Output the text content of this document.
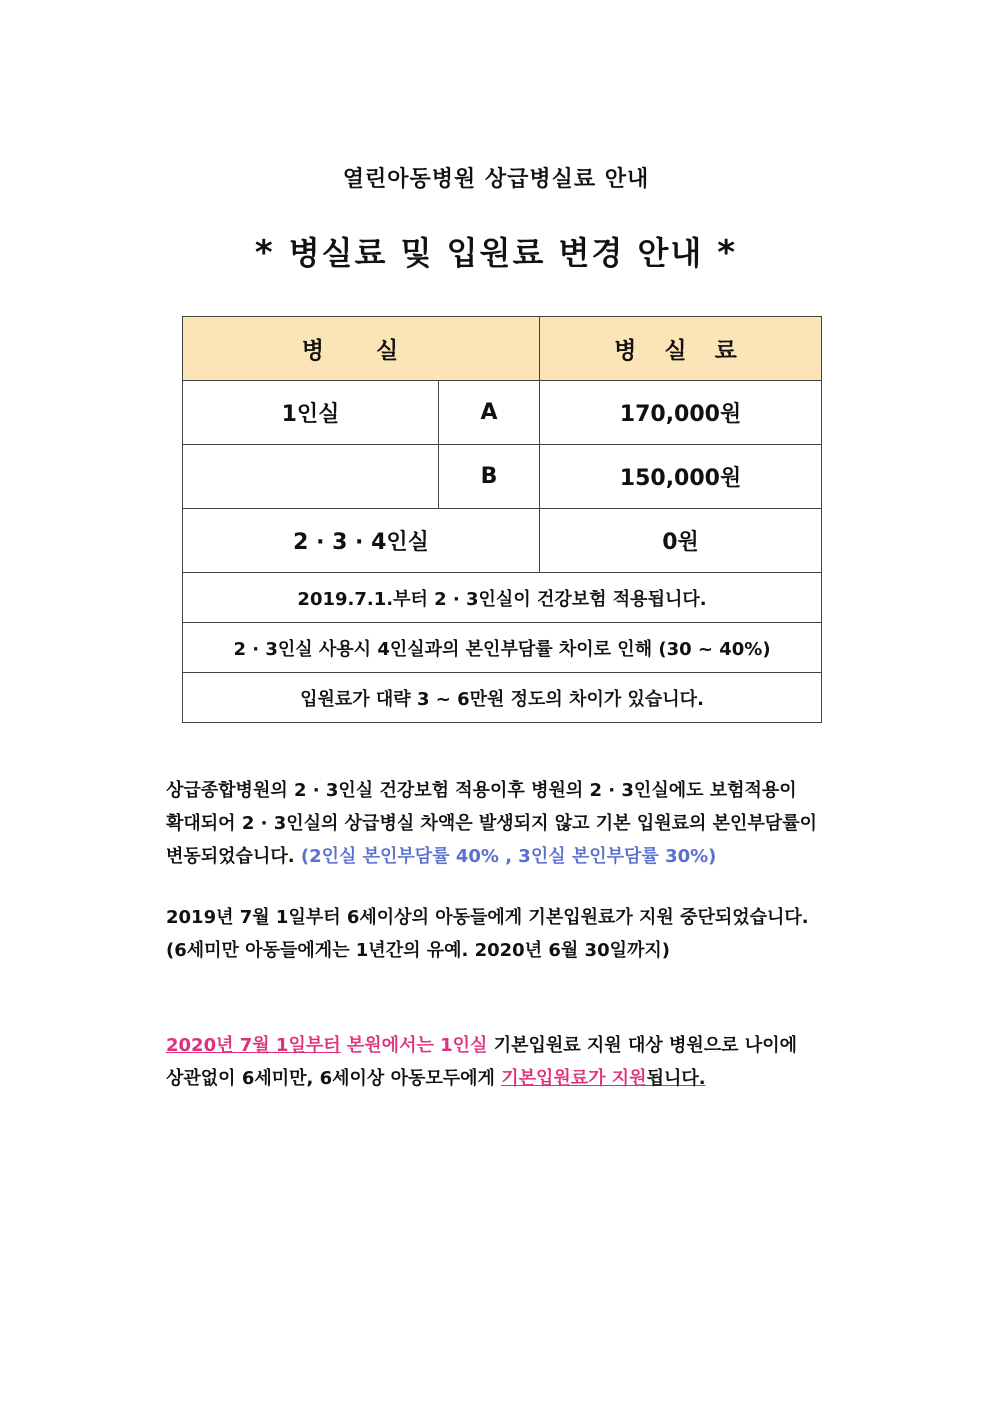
열린아동병원 상급병실료 안내
* 병실료 및 입원료 변경 안내 *
병 실		병 실 료
1인실	A	170,000원
	B	150,000원
2 · 3 · 4인실		0원
2019.7.1.부터 2 · 3인실이 건강보험 적용됩니다.		
2 · 3인실 사용시 4인실과의 본인부담률 차이로 인해 (30 ~ 40%)		
입원료가 대략 3 ~ 6만원 정도의 차이가 있습니다.		
상급종합병원의 2 · 3인실 건강보험 적용이후 병원의 2 · 3인실에도 보험적용이
확대되어 2 · 3인실의 상급병실 차액은 발생되지 않고 기본 입원료의 본인부담률이
변동되었습니다. (2인실 본인부담률 40% , 3인실 본인부담률 30%)
2019년 7월 1일부터 6세이상의 아동들에게 기본입원료가 지원 중단되었습니다.
(6세미만 아동들에게는 1년간의 유예. 2020년 6월 30일까지)
2020년 7월 1일부터 본원에서는 1인실 기본입원료 지원 대상 병원으로 나이에
상관없이 6세미만, 6세이상 아동모두에게 기본입원료가 지원됩니다.
